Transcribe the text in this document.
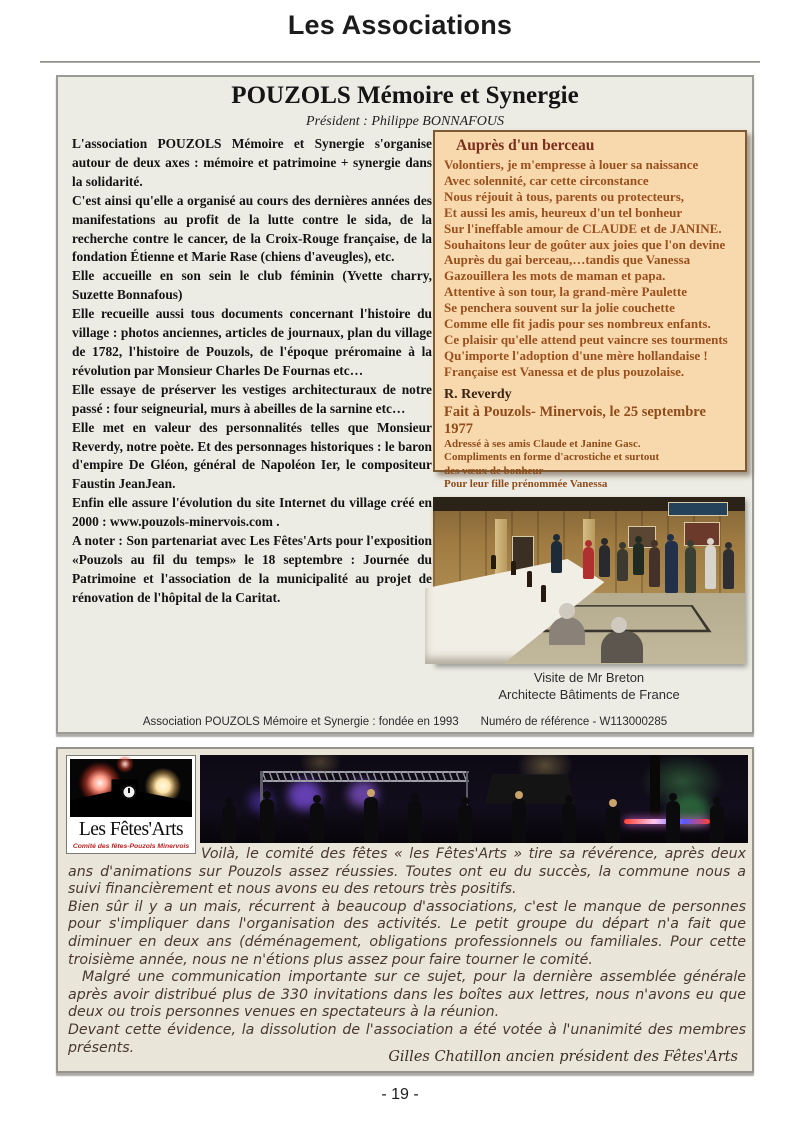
Les Associations
POUZOLS Mémoire et Synergie
Président : Philippe BONNAFOUS

L'association POUZOLS Mémoire et Synergie s'organise autour de deux axes : mémoire et patrimoine + synergie dans la solidarité.

C'est ainsi qu'elle a organisé au cours des dernières années des manifestations au profit de la lutte contre le sida, de la recherche contre le cancer, de la Croix-Rouge française, de la fondation Étienne et Marie Rase (chiens d'aveugles), etc.

Elle accueille en son sein le club féminin (Yvette charry, Suzette Bonnafous)

Elle recueille aussi tous documents concernant l'histoire du village : photos anciennes, articles de journaux, plan du village de 1782, l'histoire de Pouzols, de l'époque préromaine à la révolution par Monsieur Charles De Fournas etc…

Elle essaye de préserver les vestiges architecturaux de notre passé : four seigneurial, murs à abeilles de la sarnine etc…

Elle met en valeur des personnalités telles que Monsieur Reverdy, notre poète. Et des personnages historiques : le baron d'empire De Gléon, général de Napoléon Ier, le compositeur Faustin JeanJean.

Enfin elle assure l'évolution du site Internet du village créé en 2000 : www.pouzols-minervois.com .

A noter : Son partenariat avec Les Fêtes'Arts pour l'exposition «Pouzols au fil du temps» le 18 septembre : Journée du Patrimoine et l'association de la municipalité au projet de rénovation de l'hôpital de la Caritat.

Auprès d'un berceau
Volontiers, je m'empresse à louer sa naissance
Avec solennité, car cette circonstance
Nous réjouit à tous, parents ou protecteurs,
Et aussi les amis, heureux d'un tel bonheur
Sur l'ineffable amour de CLAUDE et de JANINE.
Souhaitons leur de goûter aux joies que l'on devine
Auprès du gai berceau,…tandis que Vanessa
Gazouillera les mots de maman et papa.
Attentive à son tour, la grand-mère Paulette
Se penchera souvent sur la jolie couchette
Comme elle fit jadis pour ses nombreux enfants.
Ce plaisir qu'elle attend peut vaincre ses tourments
Qu'importe l'adoption d'une mère hollandaise !
Française est Vanessa et de plus pouzolaise.
R. Reverdy
Fait à Pouzols- Minervois, le 25 septembre 1977
Adressé à ses amis Claude et Janine Gasc.
Compliments en forme d'acrostiche et surtout
des vœux de bonheur
Pour leur fille prénommée Vanessa
Visite de Mr Breton
Architecte Bâtiments de France
Association POUZOLS Mémoire et Synergie : fondée en 1993 Numéro de référence - W113000285
Les Fêtes'Arts
Comité des fêtes-Pouzols Minervois Voilà, le comité des fêtes « les Fêtes'Arts » tire sa révérence, après deux ans d'animations sur Pouzols assez réussies. Toutes ont eu du succès, la commune nous a suivi financièrement et nous avons eu des retours très positifs.

Bien sûr il y a un mais, récurrent à beaucoup d'associations, c'est le manque de personnes pour s'impliquer dans l'organisation des activités. Le petit groupe du départ n'a fait que diminuer en deux ans (déménagement, obligations professionnels ou familiales. Pour cette troisième année, nous ne n'étions plus assez pour faire tourner le comité.

Malgré une communication importante sur ce sujet, pour la dernière assemblée générale après avoir distribué plus de 330 invitations dans les boîtes aux lettres, nous n'avons eu que deux ou trois personnes venues en spectateurs à la réunion.

Devant cette évidence, la dissolution de l'association a été votée à l'unanimité des membres présents.

Gilles Chatillon ancien président des Fêtes'Arts
- 19 -
